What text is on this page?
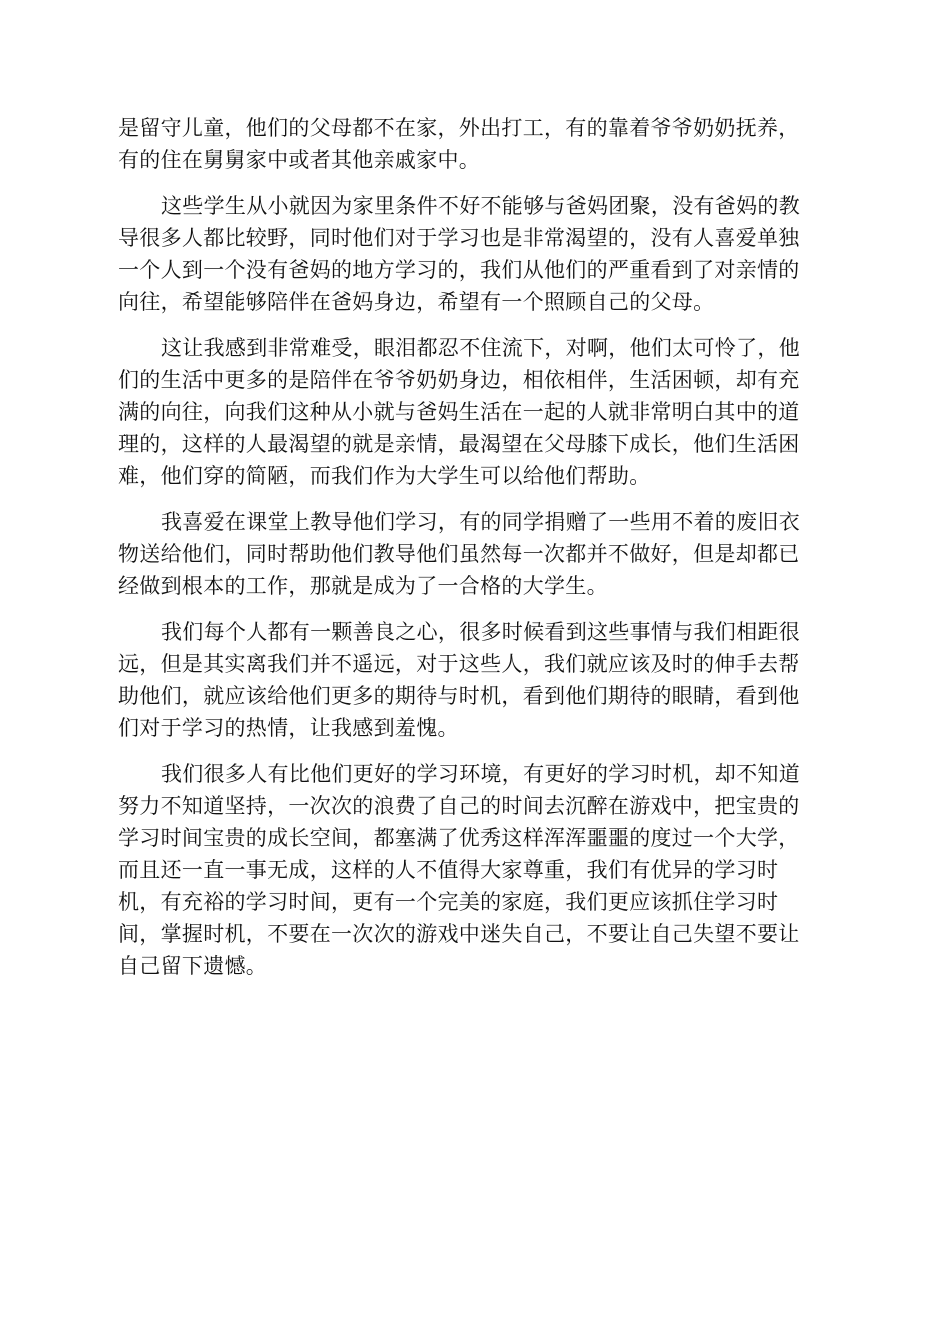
是留守儿童，他们的父母都不在家，外出打工，有的靠着爷爷奶奶抚养，
有的住在舅舅家中或者其他亲戚家中。

这些学生从小就因为家里条件不好不能够与爸妈团聚，没有爸妈的教
导很多人都比较野，同时他们对于学习也是非常渴望的，没有人喜爱单独
一个人到一个没有爸妈的地方学习的，我们从他们的严重看到了对亲情的
向往，希望能够陪伴在爸妈身边，希望有一个照顾自己的父母。

这让我感到非常难受，眼泪都忍不住流下，对啊，他们太可怜了，他
们的生活中更多的是陪伴在爷爷奶奶身边，相依相伴，生活困顿，却有充
满的向往，向我们这种从小就与爸妈生活在一起的人就非常明白其中的道
理的，这样的人最渴望的就是亲情，最渴望在父母膝下成长，他们生活困
难，他们穿的简陋，而我们作为大学生可以给他们帮助。

我喜爱在课堂上教导他们学习，有的同学捐赠了一些用不着的废旧衣
物送给他们，同时帮助他们教导他们虽然每一次都并不做好，但是却都已
经做到根本的工作，那就是成为了一合格的大学生。

我们每个人都有一颗善良之心，很多时候看到这些事情与我们相距很
远，但是其实离我们并不遥远，对于这些人，我们就应该及时的伸手去帮
助他们，就应该给他们更多的期待与时机，看到他们期待的眼睛，看到他
们对于学习的热情，让我感到羞愧。

我们很多人有比他们更好的学习环境，有更好的学习时机，却不知道
努力不知道坚持，一次次的浪费了自己的时间去沉醉在游戏中，把宝贵的
学习时间宝贵的成长空间，都塞满了优秀这样浑浑噩噩的度过一个大学，
而且还一直一事无成，这样的人不值得大家尊重，我们有优异的学习时
机，有充裕的学习时间，更有一个完美的家庭，我们更应该抓住学习时
间，掌握时机，不要在一次次的游戏中迷失自己，不要让自己失望不要让
自己留下遗憾。
